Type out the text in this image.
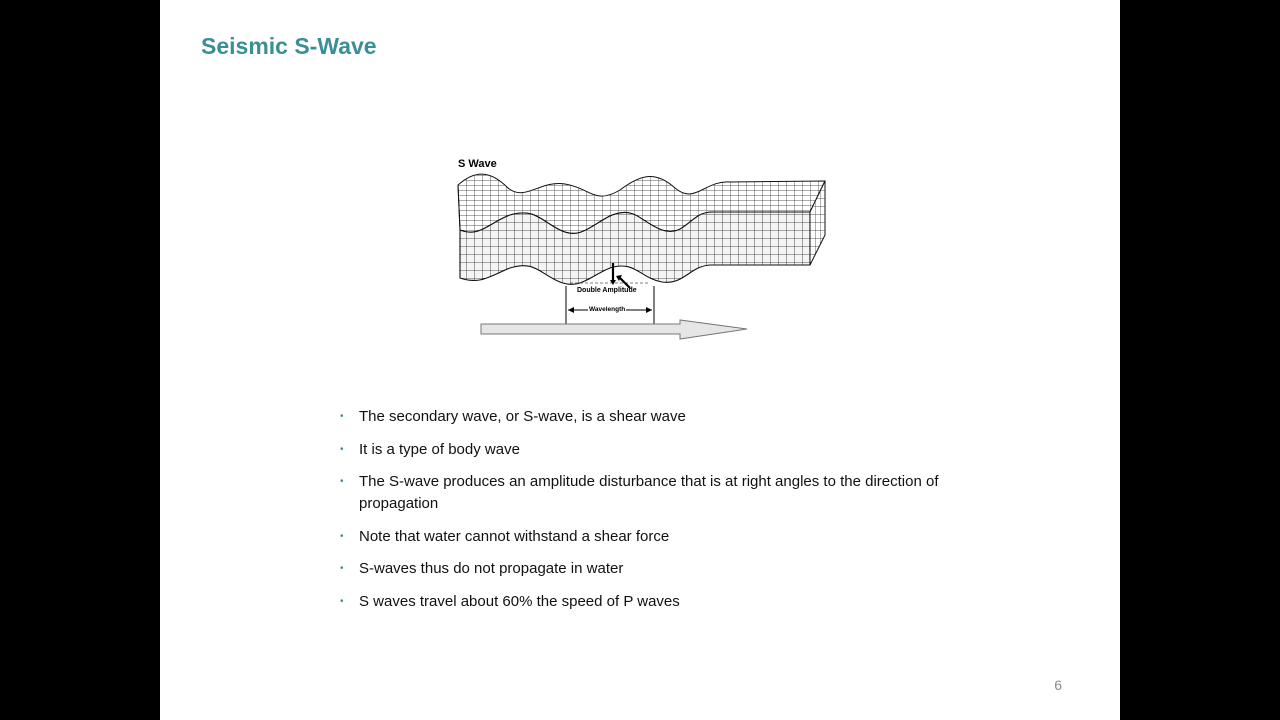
Seismic S-Wave
S Wave
Double Amplitude
Wavelength
• The secondary wave, or S-wave, is a shear wave
• It is a type of body wave
• The S-wave produces an amplitude disturbance that is at right angles to the direction of propagation
• Note that water cannot withstand a shear force
• S-waves thus do not propagate in water
• S waves travel about 60% the speed of P waves
6
